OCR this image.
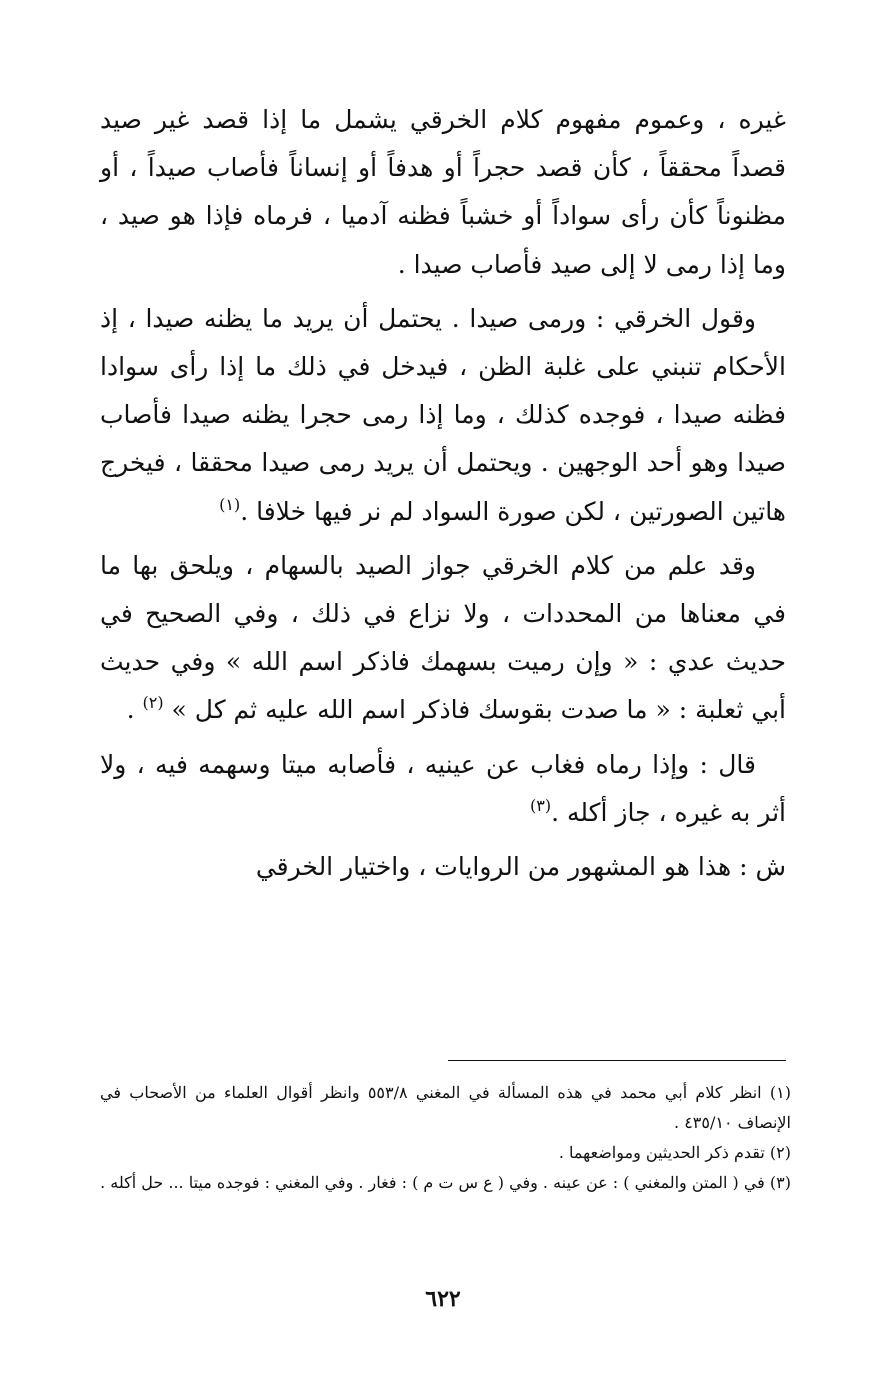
غيره ، وعموم مفهوم كلام الخرقي يشمل ما إذا قصد غير صيد قصداً محققاً ، كأن قصد حجراً أو هدفاً أو إنساناً فأصاب صيداً ، أو مظنوناً كأن رأى سواداً أو خشباً فظنه آدميا ، فرماه فإذا هو صيد ، وما إذا رمى لا إلى صيد فأصاب صيدا .

وقول الخرقي : ورمى صيدا . يحتمل أن يريد ما يظنه صيدا ، إذ الأحكام تنبني على غلبة الظن ، فيدخل في ذلك ما إذا رأى سوادا فظنه صيدا ، فوجده كذلك ، وما إذا رمى حجرا يظنه صيدا فأصاب صيدا وهو أحد الوجهين . ويحتمل أن يريد رمى صيدا محققا ، فيخرج هاتين الصورتين ، لكن صورة السواد لم نر فيها خلافا .$^{(١)}$

وقد علم من كلام الخرقي جواز الصيد بالسهام ، ويلحق بها ما في معناها من المحددات ، ولا نزاع في ذلك ، وفي الصحيح في حديث عدي : « وإن رميت بسهمك فاذكر اسم الله » وفي حديث أبي ثعلبة : « ما صدت بقوسك فاذكر اسم الله عليه ثم كل » $^{(٢)}$ .

قال : وإذا رماه فغاب عن عينيه ، فأصابه ميتا وسهمه فيه ، ولا أثر به غيره ، جاز أكله .$^{(٣)}$

ش : هذا هو المشهور من الروايات ، واختيار الخرقي

(١) انظر كلام أبي محمد في هذه المسألة في المغني ٥٥٣/٨ وانظر أقوال العلماء من الأصحاب في الإنصاف ٤٣٥/١٠ .

(٢) تقدم ذكر الحديثين ومواضعهما .

(٣) في ( المتن والمغني ) : عن عينه . وفي ( ع س ت م ) : فغار . وفي المغني : فوجده ميتا ... حل أكله .

٦٢٢
